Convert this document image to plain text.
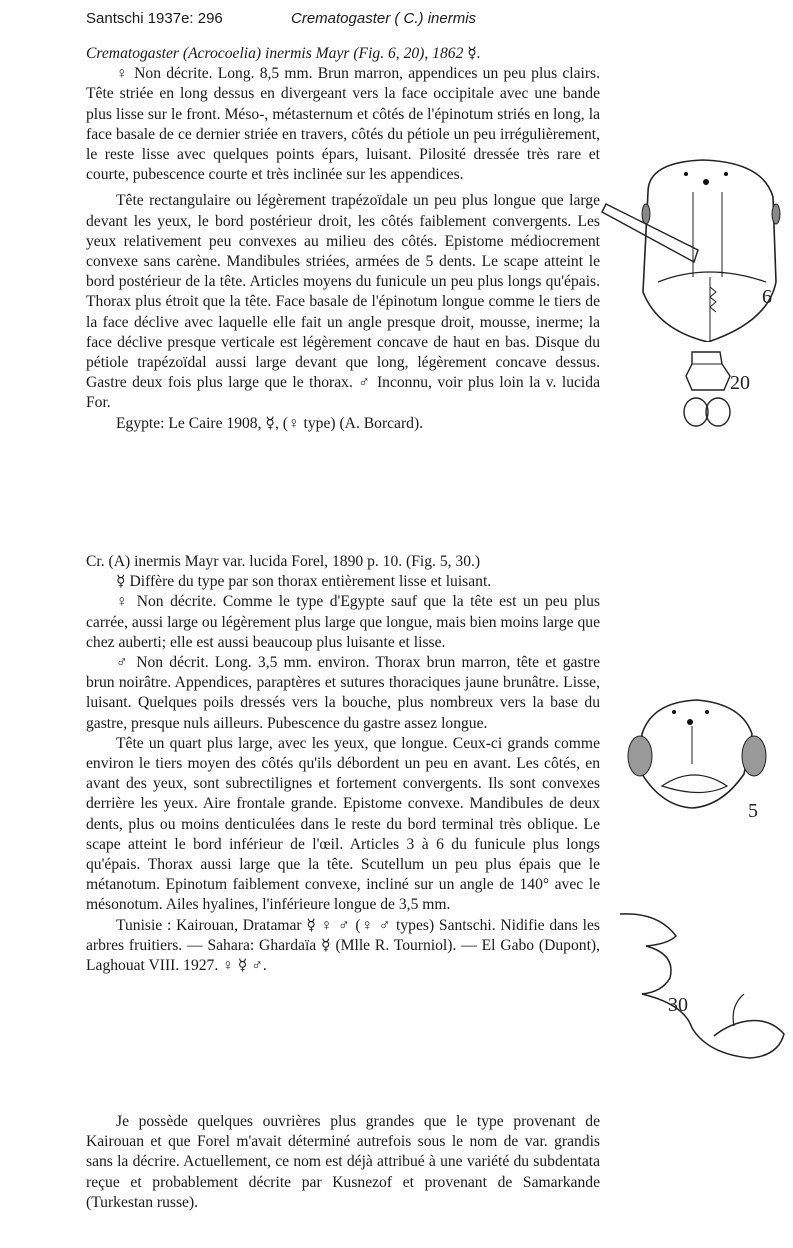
Santschi 1937e: 296	Crematogaster ( C.) inermis

Crematogaster (Acrocoelia) inermis Mayr (Fig. 6, 20), 1862 ☿.

♀ Non décrite. Long. 8,5 mm. Brun marron, appendices un peu plus clairs. Tête striée en long dessus en divergeant vers la face occipitale avec une bande plus lisse sur le front. Méso-, métasternum et côtés de l'épinotum striés en long, la face basale de ce dernier striée en travers, côtés du pétiole un peu irrégulièrement, le reste lisse avec quelques points épars, luisant. Pilosité dressée très rare et courte, pubescence courte et très inclinée sur les appendices.

Tête rectangulaire ou légèrement trapézoïdale un peu plus longue que large devant les yeux, le bord postérieur droit, les côtés faiblement convergents. Les yeux relativement peu convexes au milieu des côtés. Epistome médiocrement convexe sans carène. Mandibules striées, armées de 5 dents. Le scape atteint le bord postérieur de la tête. Articles moyens du funicule un peu plus longs qu'épais. Thorax plus étroit que la tête. Face basale de l'épinotum longue comme le tiers de la face déclive avec laquelle elle fait un angle presque droit, mousse, inerme; la face déclive presque verticale est légèrement concave de haut en bas. Disque du pétiole trapézoïdal aussi large devant que long, légèrement concave dessus. Gastre deux fois plus large que le thorax. ♂ Inconnu, voir plus loin la v. lucida For.

Egypte: Le Caire 1908, ☿, (♀ type) (A. Borcard).

Cr. (A) inermis Mayr var. lucida Forel, 1890 p. 10. (Fig. 5, 30.)

☿ Diffère du type par son thorax entièrement lisse et luisant.

♀ Non décrite. Comme le type d'Egypte sauf que la tête est un peu plus carrée, aussi large ou légèrement plus large que longue, mais bien moins large que chez auberti; elle est aussi beaucoup plus luisante et lisse.

♂ Non décrit. Long. 3,5 mm. environ. Thorax brun marron, tête et gastre brun noirâtre. Appendices, paraptères et sutures thoraciques jaune brunâtre. Lisse, luisant. Quelques poils dressés vers la bouche, plus nombreux vers la base du gastre, presque nuls ailleurs. Pubescence du gastre assez longue.

Tête un quart plus large, avec les yeux, que longue. Ceux-ci grands comme environ le tiers moyen des côtés qu'ils débordent un peu en avant. Les côtés, en avant des yeux, sont subrectilignes et fortement convergents. Ils sont convexes derrière les yeux. Aire frontale grande. Epistome convexe. Mandibules de deux dents, plus ou moins denticulées dans le reste du bord terminal très oblique. Le scape atteint le bord inférieur de l'œil. Articles 3 à 6 du funicule plus longs qu'épais. Thorax aussi large que la tête. Scutellum un peu plus épais que le métanotum. Epinotum faiblement convexe, incliné sur un angle de 140° avec le mésonotum. Ailes hyalines, l'inférieure longue de 3,5 mm.

Tunisie : Kairouan, Dratamar ☿ ♀ ♂ (♀ ♂ types) Santschi. Nidifie dans les arbres fruitiers. — Sahara: Ghardaïa ☿ (Mlle R. Tourniol). — El Gabo (Dupont), Laghouat VIII. 1927. ♀ ☿ ♂.

Je possède quelques ouvrières plus grandes que le type provenant de Kairouan et que Forel m'avait déterminé autrefois sous le nom de var. grandis sans la décrire. Actuellement, ce nom est déjà attribué à une variété du subdentata reçue et probablement décrite par Kusnezof et provenant de Samarkande (Turkestan russe).

6
20
5
30
